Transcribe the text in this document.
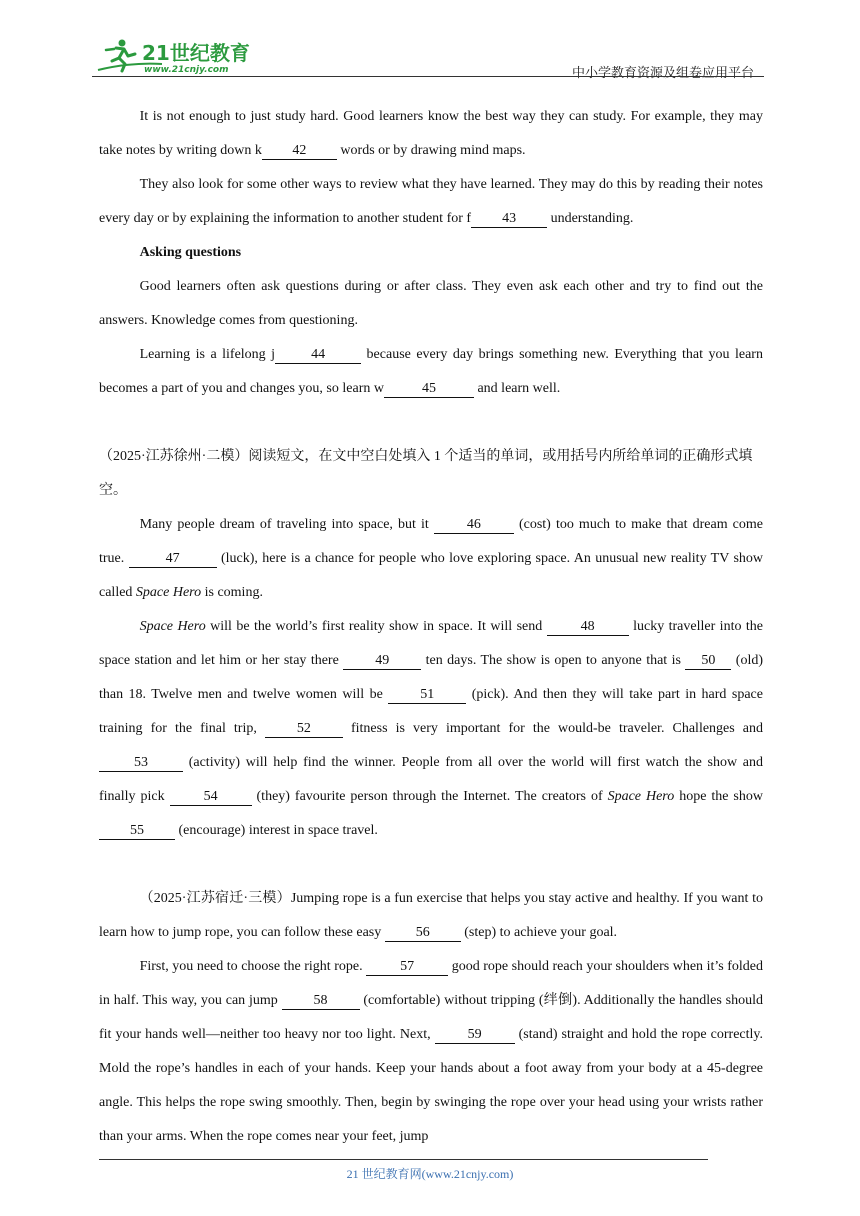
21世纪教育
www.21cnjy.com	中小学教育资源及组卷应用平台

It is not enough to just study hard. Good learners know the best way they can study. For example, they may take notes by writing down k 42 words or by drawing mind maps.

They also look for some other ways to review what they have learned. They may do this by reading their notes every day or by explaining the information to another student for f 43 understanding.

Asking questions

Good learners often ask questions during or after class. They even ask each other and try to find out the answers. Knowledge comes from questioning.

Learning is a lifelong j	44	because every day brings something new. Everything that you learn becomes a part of you and changes you, so learn w	45	and learn well.

（2025·江苏徐州·二模）阅读短文，在文中空白处填入 1 个适当的单词，或用括号内所给单词的正确形式填空。

Many people dream of traveling into space, but it 46 (cost) too much to make that dream come true.	47	(luck), here is a chance for people who love exploring space. An unusual new reality TV show called Space Hero is coming.

Space Hero will be the world’s first reality show in space. It will send 48 lucky traveller into the space station and let him or her stay there 49 ten days. The show is open to anyone that is 50 (old) than 18. Twelve men and twelve women will be 51 (pick). And then they will take part in hard space training for the final trip, 52 fitness is very important for the would-be traveler. Challenges and 53	(activity) will help find the winner. People from all over the world will first watch the show and finally pick 54 (they) favourite person through the Internet. The creators of Space Hero hope the show 55 (encourage) interest in space travel.

（2025·江苏宿迁·三模）Jumping rope is a fun exercise that helps you stay active and healthy. If you want to learn how to jump rope, you can follow these easy 56 (step) to achieve your goal.

First, you need to choose the right rope. 57 good rope should reach your shoulders when it’s folded in half. This way, you can jump 58 (comfortable) without tripping (绊倒). Additionally the handles should fit your hands well—neither too heavy nor too light. Next, 59 (stand) straight and hold the rope correctly. Mold the rope’s handles in each of your hands. Keep your hands about a foot away from your body at a 45-degree angle. This helps the rope swing smoothly. Then, begin by swinging the rope over your head using your wrists rather than your arms. When the rope comes near your feet, jump

21 世纪教育网(www.21cnjy.com)
